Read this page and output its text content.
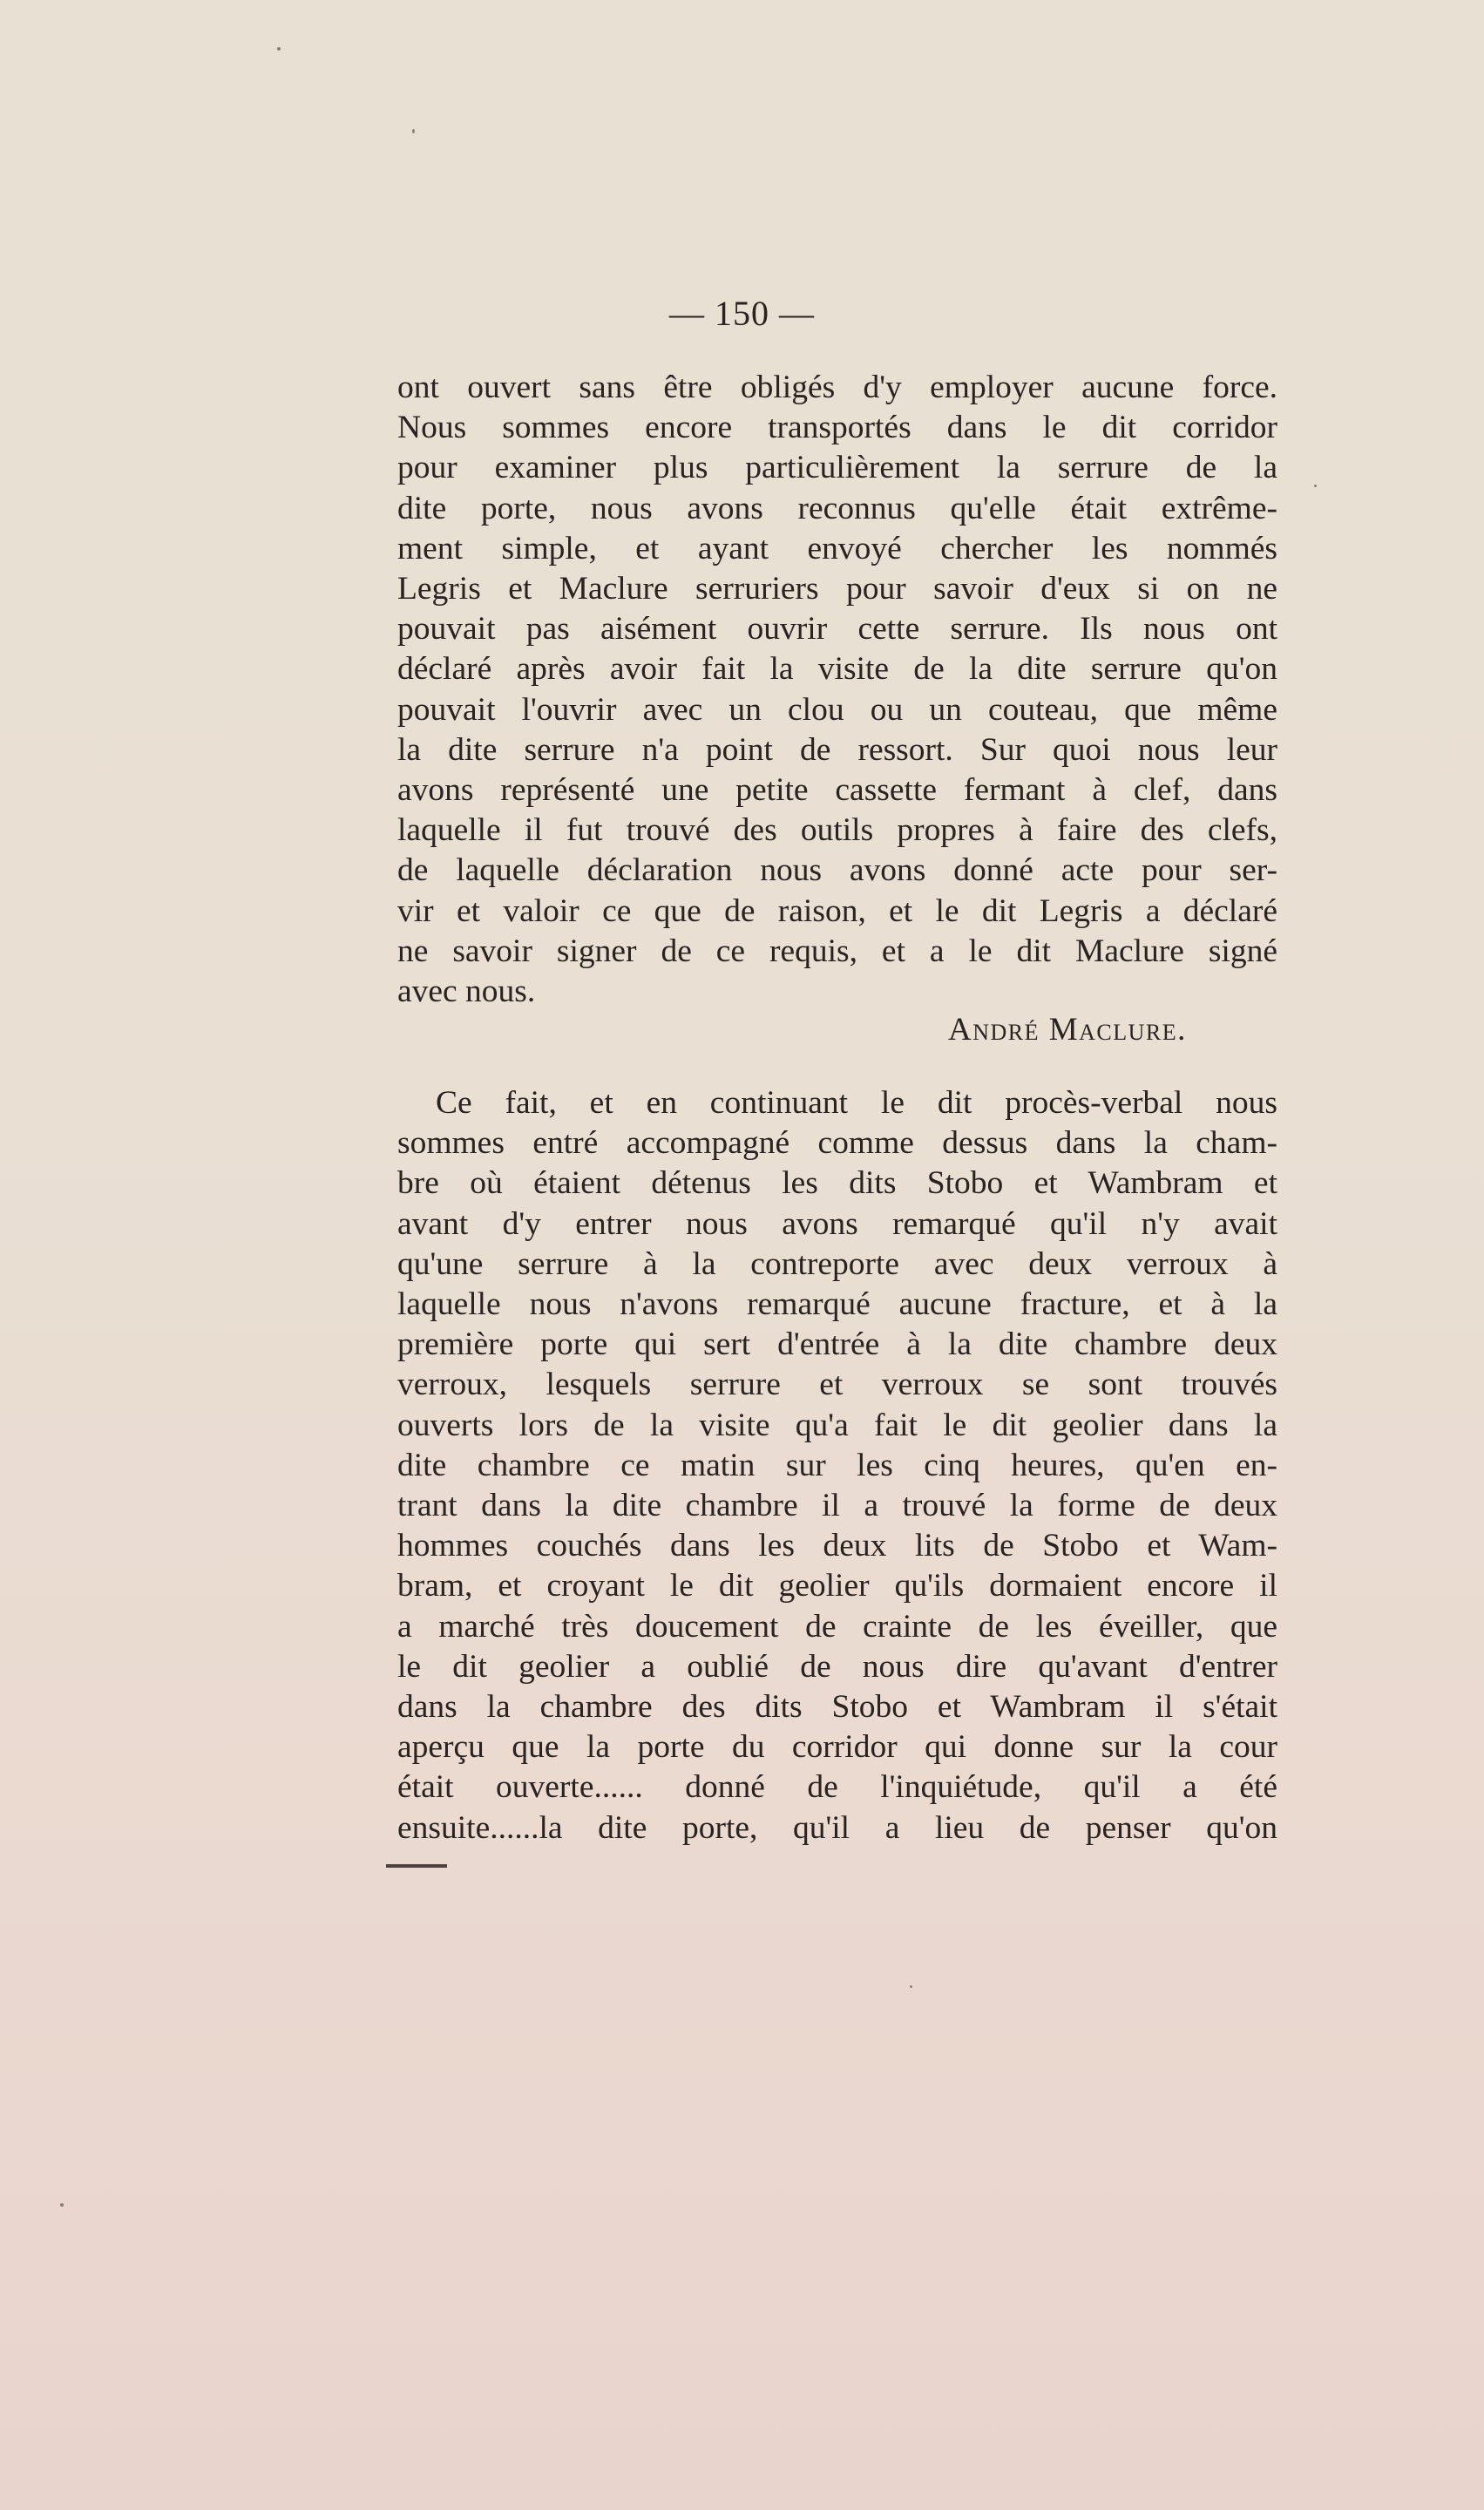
— 150 —
ont ouvert sans être obligés d'y employer aucune force.
Nous sommes encore transportés dans le dit corridor
pour examiner plus particulièrement la serrure de la
dite porte, nous avons reconnus qu'elle était extrême-
ment simple, et ayant envoyé chercher les nommés
Legris et Maclure serruriers pour savoir d'eux si on ne
pouvait pas aisément ouvrir cette serrure. Ils nous ont
déclaré après avoir fait la visite de la dite serrure qu'on
pouvait l'ouvrir avec un clou ou un couteau, que même
la dite serrure n'a point de ressort. Sur quoi nous leur
avons représenté une petite cassette fermant à clef, dans
laquelle il fut trouvé des outils propres à faire des clefs,
de laquelle déclaration nous avons donné acte pour ser-
vir et valoir ce que de raison, et le dit Legris a déclaré
ne savoir signer de ce requis, et a le dit Maclure signé
avec nous.
André Maclure.
Ce fait, et en continuant le dit procès-verbal nous
sommes entré accompagné comme dessus dans la cham-
bre où étaient détenus les dits Stobo et Wambram et
avant d'y entrer nous avons remarqué qu'il n'y avait
qu'une serrure à la contreporte avec deux verroux à
laquelle nous n'avons remarqué aucune fracture, et à la
première porte qui sert d'entrée à la dite chambre deux
verroux, lesquels serrure et verroux se sont trouvés
ouverts lors de la visite qu'a fait le dit geolier dans la
dite chambre ce matin sur les cinq heures, qu'en en-
trant dans la dite chambre il a trouvé la forme de deux
hommes couchés dans les deux lits de Stobo et Wam-
bram, et croyant le dit geolier qu'ils dormaient encore il
a marché très doucement de crainte de les éveiller, que
le dit geolier a oublié de nous dire qu'avant d'entrer
dans la chambre des dits Stobo et Wambram il s'était
aperçu que la porte du corridor qui donne sur la cour
était ouverte...... donné de l'inquiétude, qu'il a été
ensuite......la dite porte, qu'il a lieu de penser qu'on
